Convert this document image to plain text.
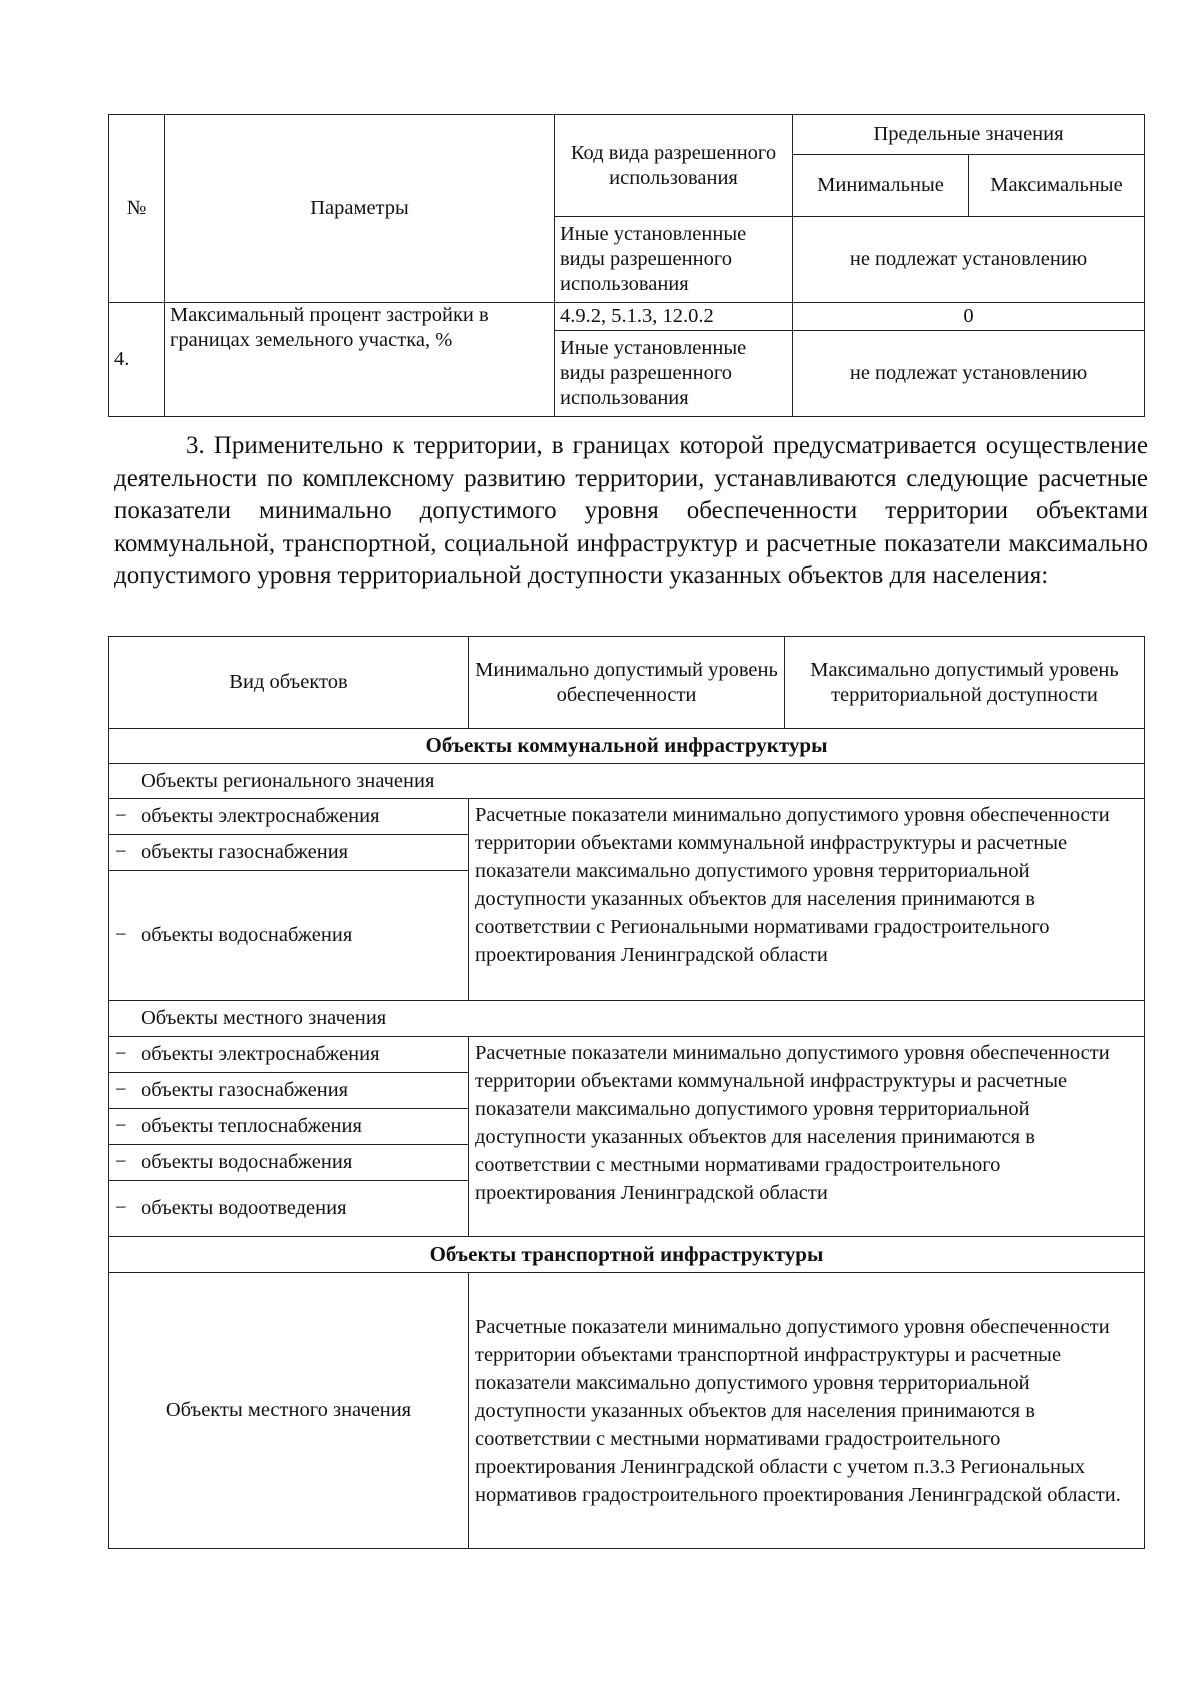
№	Параметры	Код вида разрешенного использования	Предельные значения	
			Минимальные	Максимальные
		Иные установленные виды разрешенного использования	не подлежат установлению	
4.	Максимальный процент застройки в границах земельного участка, %	4.9.2, 5.1.3, 12.0.2	0	
		Иные установленные виды разрешенного использования	не подлежат установлению	

3. Применительно к территории, в границах которой предусматривается осуществление деятельности по комплексному развитию территории, устанавливаются следующие расчетные показатели минимально допустимого уровня обеспеченности территории объектами коммунальной, транспортной, социальной инфраструктур и расчетные показатели максимально допустимого уровня территориальной доступности указанных объектов для населения:

Вид объектов	Минимально допустимый уровень обеспеченности	Максимально допустимый уровень территориальной доступности
Объекты коммунальной инфраструктуры		
Объекты регионального значения		

− объекты электроснабжения	Расчетные показатели минимально допустимого уровня обеспеченности территории объектами коммунальной инфраструктуры и расчетные показатели максимально допустимого уровня территориальной доступности указанных объектов для населения принимаются в соответствии с Региональными нормативами градостроительного проектирования Ленинградской области	

− объекты газоснабжения		

− объекты водоснабжения		
Объекты местного значения		

− объекты электроснабжения	Расчетные показатели минимально допустимого уровня обеспеченности территории объектами коммунальной инфраструктуры и расчетные показатели максимально допустимого уровня территориальной доступности указанных объектов для населения принимаются в соответствии с местными нормативами градостроительного проектирования Ленинградской области	

− объекты газоснабжения		

− объекты теплоснабжения		

− объекты водоснабжения		

− объекты водоотведения		
Объекты транспортной инфраструктуры		
Объекты местного значения	Расчетные показатели минимально допустимого уровня обеспеченности территории объектами транспортной инфраструктуры и расчетные показатели максимально допустимого уровня территориальной доступности указанных объектов для населения принимаются в соответствии с местными нормативами градостроительного проектирования Ленинградской области с учетом п.3.3 Региональных нормативов градостроительного проектирования Ленинградской области.	
